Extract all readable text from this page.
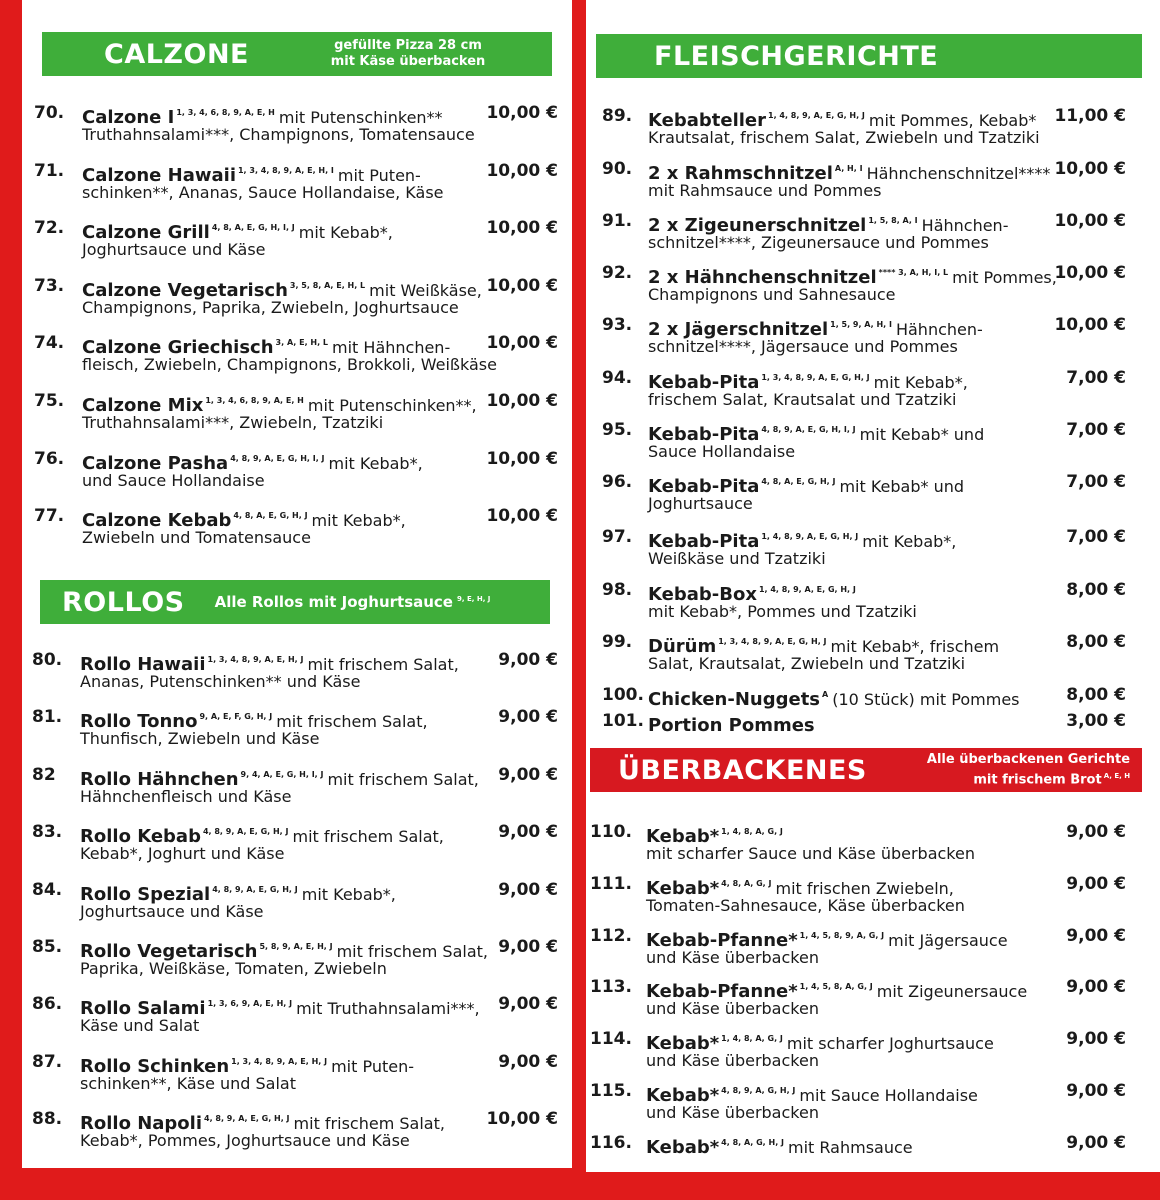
CALZONE	gefüllte Pizza 28 cm
mit Käse überbacken
70. Calzone I $^{1, 3, 4, 6, 8, 9, A, E, H}$ mit Putenschinken**
Truthahnsalami***, Champignons, Tomatensauce
10,00 €
71. Calzone Hawaii $^{1, 3, 4, 8, 9, A, E, H, I}$ mit Puten-
schinken**, Ananas, Sauce Hollandaise, Käse
10,00 €
72. Calzone Grill $^{4, 8, A, E, G, H, I, J}$ mit Kebab*,
Joghurtsauce und Käse
10,00 €
73. Calzone Vegetarisch $^{3, 5, 8, A, E, H, L}$ mit Weißkäse,
Champignons, Paprika, Zwiebeln, Joghurtsauce
10,00 €
74. Calzone Griechisch $^{3, A, E, H, L}$ mit Hähnchen-
fleisch, Zwiebeln, Champignons, Brokkoli, Weißkäse
10,00 €
75. Calzone Mix $^{1, 3, 4, 6, 8, 9, A, E, H}$ mit Putenschinken**,
Truthahnsalami***, Zwiebeln, Tzatziki
10,00 €
76. Calzone Pasha $^{4, 8, 9, A, E, G, H, I, J}$ mit Kebab*,
und Sauce Hollandaise
10,00 €
77. Calzone Kebab $^{4, 8, A, E, G, H, J}$ mit Kebab*,
Zwiebeln und Tomatensauce
10,00 €
ROLLOS Alle Rollos mit Joghurtsauce $^{9, E, H, J}$
80. Rollo Hawaii $^{1, 3, 4, 8, 9, A, E, H, J}$ mit frischem Salat,
Ananas, Putenschinken** und Käse
9,00 €
81. Rollo Tonno $^{9, A, E, F, G, H, J}$ mit frischem Salat,
Thunfisch, Zwiebeln und Käse
9,00 €
82 Rollo Hähnchen $^{9, 4, A, E, G, H, I, J}$ mit frischem Salat,
Hähnchenfleisch und Käse
9,00 €
83. Rollo Kebab $^{4, 8, 9, A, E, G, H, J}$ mit frischem Salat,
Kebab*, Joghurt und Käse
9,00 €
84. Rollo Spezial $^{4, 8, 9, A, E, G, H, J}$ mit Kebab*,
Joghurtsauce und Käse
9,00 €
85. Rollo Vegetarisch $^{5, 8, 9, A, E, H, J}$ mit frischem Salat,
Paprika, Weißkäse, Tomaten, Zwiebeln
9,00 €
86. Rollo Salami $^{1, 3, 6, 9, A, E, H, J}$ mit Truthahnsalami***,
Käse und Salat
9,00 €
87. Rollo Schinken $^{1, 3, 4, 8, 9, A, E, H, J}$ mit Puten-
schinken**, Käse und Salat
9,00 €
88. Rollo Napoli $^{4, 8, 9, A, E, G, H, J}$ mit frischem Salat,
Kebab*, Pommes, Joghurtsauce und Käse
10,00 €
FLEISCHGERICHTE
89. Kebabteller $^{1, 4, 8, 9, A, E, G, H, J}$ mit Pommes, Kebab*
Krautsalat, frischem Salat, Zwiebeln und Tzatziki
11,00 €
90. 2 x Rahmschnitzel $^{A, H, I}$ Hähnchenschnitzel****
mit Rahmsauce und Pommes
10,00 €
91. 2 x Zigeunerschnitzel $^{1, 5, 8, A, I}$ Hähnchen-
schnitzel****, Zigeunersauce und Pommes
10,00 €
92. 2 x Hähnchenschnitzel $^{**** 3, A, H, I, L}$ mit Pommes,
Champignons und Sahnesauce
10,00 €
93. 2 x Jägerschnitzel $^{1, 5, 9, A, H, I}$ Hähnchen-
schnitzel****, Jägersauce und Pommes
10,00 €
94. Kebab-Pita $^{1, 3, 4, 8, 9, A, E, G, H, J}$ mit Kebab*,
frischem Salat, Krautsalat und Tzatziki
7,00 €
95. Kebab-Pita $^{4, 8, 9, A, E, G, H, I, J}$ mit Kebab* und
Sauce Hollandaise
7,00 €
96. Kebab-Pita $^{4, 8, A, E, G, H, J}$ mit Kebab* und
Joghurtsauce
7,00 €
97. Kebab-Pita $^{1, 4, 8, 9, A, E, G, H, J}$ mit Kebab*,
Weißkäse und Tzatziki
7,00 €
98. Kebab-Box $^{1, 4, 8, 9, A, E, G, H, J}$
mit Kebab*, Pommes und Tzatziki
8,00 €
99. Dürüm $^{1, 3, 4, 8, 9, A, E, G, H, J}$ mit Kebab*, frischem
Salat, Krautsalat, Zwiebeln und Tzatziki
8,00 €
100. Chicken-Nuggets $^A$ (10 Stück) mit Pommes	8,00 €
101. Portion Pommes	3,00 €
ÜBERBACKENES	Alle überbackenen Gerichte
mit frischem Brot $^{A, E, H}$
110. Kebab* $^{1, 4, 8, A, G, J}$
mit scharfer Sauce und Käse überbacken
9,00 €
111. Kebab* $^{4, 8, A, G, J}$ mit frischen Zwiebeln,
Tomaten-Sahnesauce, Käse überbacken
9,00 €
112. Kebab-Pfanne* $^{1, 4, 5, 8, 9, A, G, J}$ mit Jägersauce
und Käse überbacken
9,00 €
113. Kebab-Pfanne* $^{1, 4, 5, 8, A, G, J}$ mit Zigeunersauce
und Käse überbacken
9,00 €
114. Kebab* $^{1, 4, 8, A, G, J}$ mit scharfer Joghurtsauce
und Käse überbacken
9,00 €
115. Kebab* $^{4, 8, 9, A, G, H, J}$ mit Sauce Hollandaise
und Käse überbacken
9,00 €
116. Kebab* $^{4, 8, A, G, H, J}$ mit Rahmsauce	9,00 €
